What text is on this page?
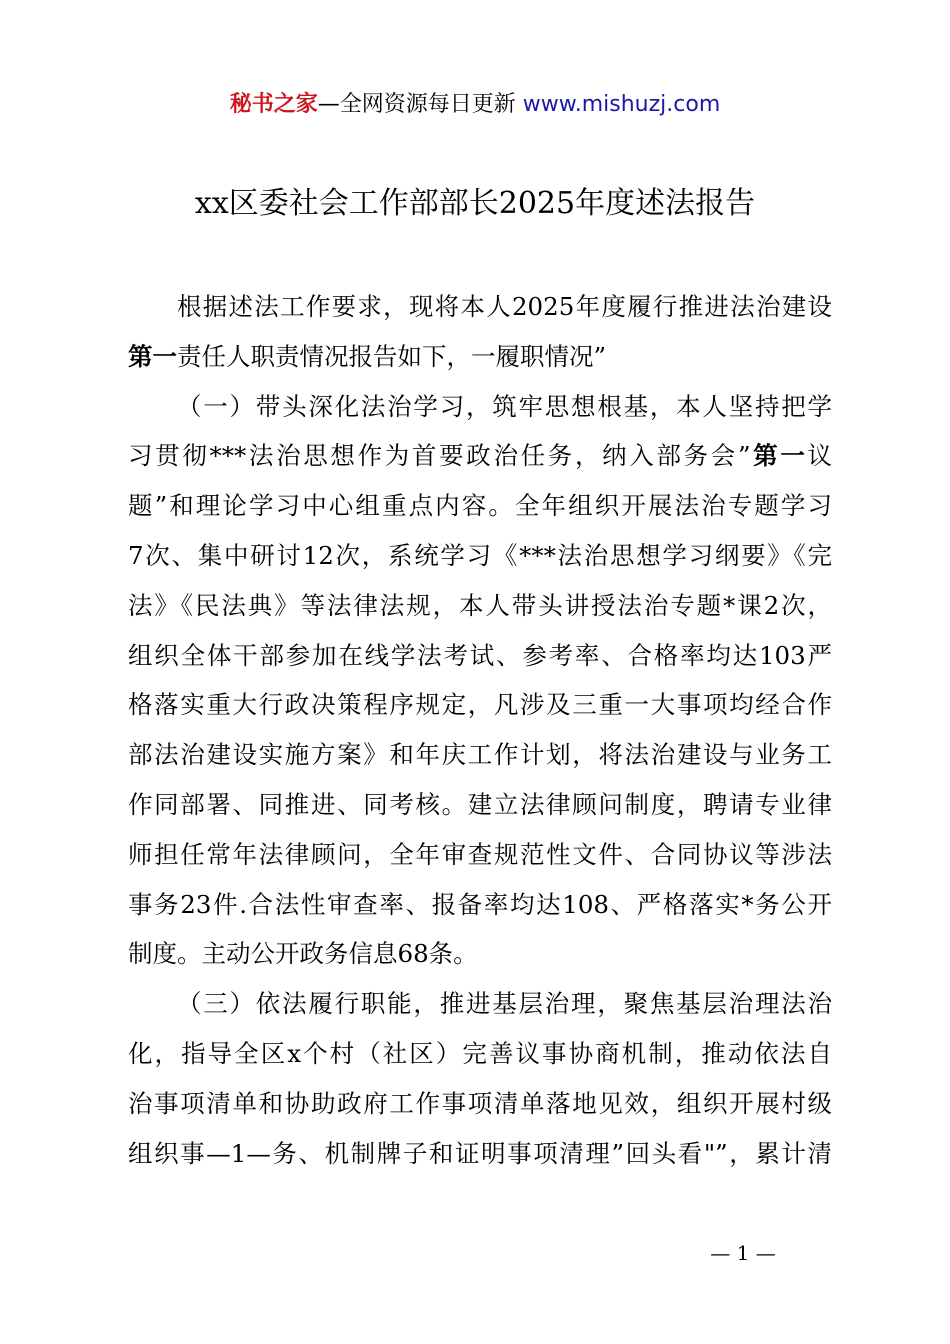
秘书之家—全网资源每日更新 www.mishuzj.com
xx区委社会工作部部长2025年度述法报告
根据述法工作要求，现将本人2025年度履行推进法治建设
第一责任人职责情况报告如下，一履职情况”
（一）带头深化法治学习，筑牢思想根基，本人坚持把学
习贯彻***法治思想作为首要政治任务，纳入部务会”第一议
题”和理论学习中心组重点内容。全年组织开展法治专题学习
7次、集中研讨12次，系统学习《***法治思想学习纲要》《完
法》《民法典》等法律法规，本人带头讲授法治专题*课2次，
组织全体干部参加在线学法考试、参考率、合格率均达103严
格落实重大行政决策程序规定，凡涉及三重一大事项均经合作
部法治建设实施方案》和年庆工作计划，将法治建设与业务工
作同部署、同推进、同考核。建立法律顾问制度，聘请专业律
师担任常年法律顾问，全年审查规范性文件、合同协议等涉法
事务23件.合法性审查率、报备率均达108、严格落实*务公开
制度。主动公开政务信息68条。
（三）依法履行职能，推进基层治理，聚焦基层治理法治
化，指导全区x个村（社区）完善议事协商机制，推动依法自
治事项清单和协助政府工作事项清单落地见效，组织开展村级
组织事—1—务、机制牌子和证明事项清理”回头看"”，累计清
— 1 —
